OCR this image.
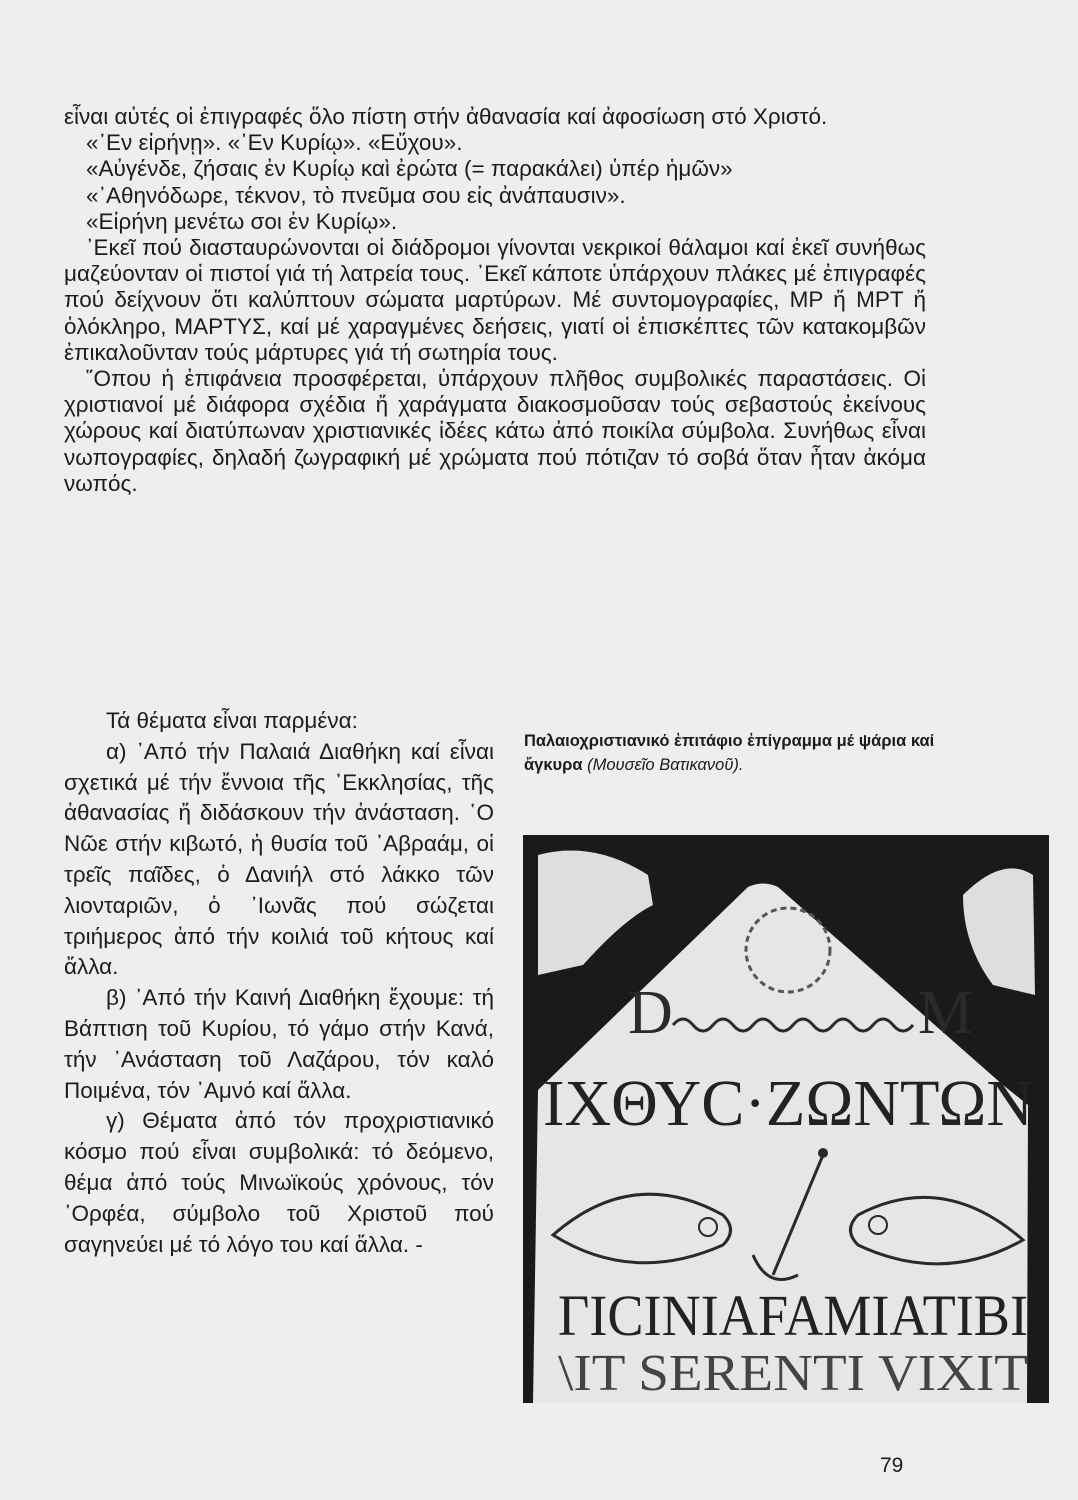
εἶναι αὐτές οἱ ἐπιγραφές ὅλο πίστη στήν ἀθανασία καί ἀφοσίωση στό Χριστό.

«᾿Εν εἰρήνῃ». «᾿Εν Κυρίῳ». «Εὔχου».

«Αὐγένδε, ζήσαις ἐν Κυρίῳ καὶ ἐρώτα (= παρακάλει) ὑπέρ ἡμῶν»

«᾿Αθηνόδωρε, τέκνον, τὸ πνεῦμα σου εἰς ἀνάπαυσιν».

«Εἰρήνη μενέτω σοι ἐν Κυρίῳ».

᾿Εκεῖ πού διασταυρώνονται οἱ διάδρομοι γίνονται νεκρικοί θάλαμοι καί ἐκεῖ συνήθως μαζεύονταν οἱ πιστοί γιά τή λατρεία τους. ᾿Εκεῖ κάποτε ὑπάρχουν πλάκες μέ ἐπιγραφές πού δείχνουν ὅτι καλύπτουν σώματα μαρτύρων. Μέ συντομογραφίες, ΜΡ ἤ ΜΡΤ ἤ ὁλόκληρο, ΜΑΡΤΥΣ, καί μέ χαραγμένες δεήσεις, γιατί οἱ ἐπισκέπτες τῶν κατακομβῶν ἐπικαλοῦνταν τούς μάρτυρες γιά τή σωτηρία τους.

῞Οπου ἡ ἐπιφάνεια προσφέρεται, ὑπάρχουν πλῆθος συμβολικές παραστάσεις. Οἱ χριστιανοί μέ διάφορα σχέδια ἤ χαράγματα διακοσμοῦσαν τούς σεβαστούς ἐκείνους χώρους καί διατύπωναν χριστιανικές ἰδέες κάτω ἀπό ποικίλα σύμβολα. Συνήθως εἶναι νωπογραφίες, δηλαδή ζωγραφική μέ χρώματα πού πότιζαν τό σοβά ὅταν ἦταν ἀκόμα νωπός.

Τά θέματα εἶναι παρμένα:

α) ᾿Από τήν Παλαιά Διαθήκη καί εἶναι σχετικά μέ τήν ἔννοια τῆς ᾿Εκκλησίας, τῆς ἀθανασίας ἤ διδάσκουν τήν ἀνάσταση. ῾Ο Νῶε στήν κιβωτό, ἡ θυσία τοῦ ᾿Αβραάμ, οἱ τρεῖς παῖδες, ὁ Δανιήλ στό λάκκο τῶν λιονταριῶν, ὁ ᾿Ιωνᾶς πού σώζεται τριήμερος ἀπό τήν κοιλιά τοῦ κήτους καί ἄλλα.

β) ᾿Από τήν Καινή Διαθήκη ἔχουμε: τή Βάπτιση τοῦ Κυρίου, τό γάμο στήν Κανά, τήν ᾿Ανάσταση τοῦ Λαζάρου, τόν καλό Ποιμένα, τόν ᾿Αμνό καί ἄλλα.

γ) Θέματα ἀπό τόν προχριστιανικό κόσμο πού εἶναι συμβολικά: τό δεόμενο, θέμα ἀπό τούς Μινωϊκούς χρόνους, τόν ᾿Ορφέα, σύμβολο τοῦ Χριστοῦ πού σαγηνεύει μέ τό λόγο του καί ἄλλα. -

Παλαιοχριστιανικό ἐπιτάφιο ἐπίγραμμα μέ ψάρια καί ἄγκυρα (Μουσεῖο Βατικανοῦ).
D	M
ΙΧΘΥC·ΖΩΝΤΩΝ
ΓICINIAFAMIATIBI
\ΙΤ SERENTI VIXIT
79
